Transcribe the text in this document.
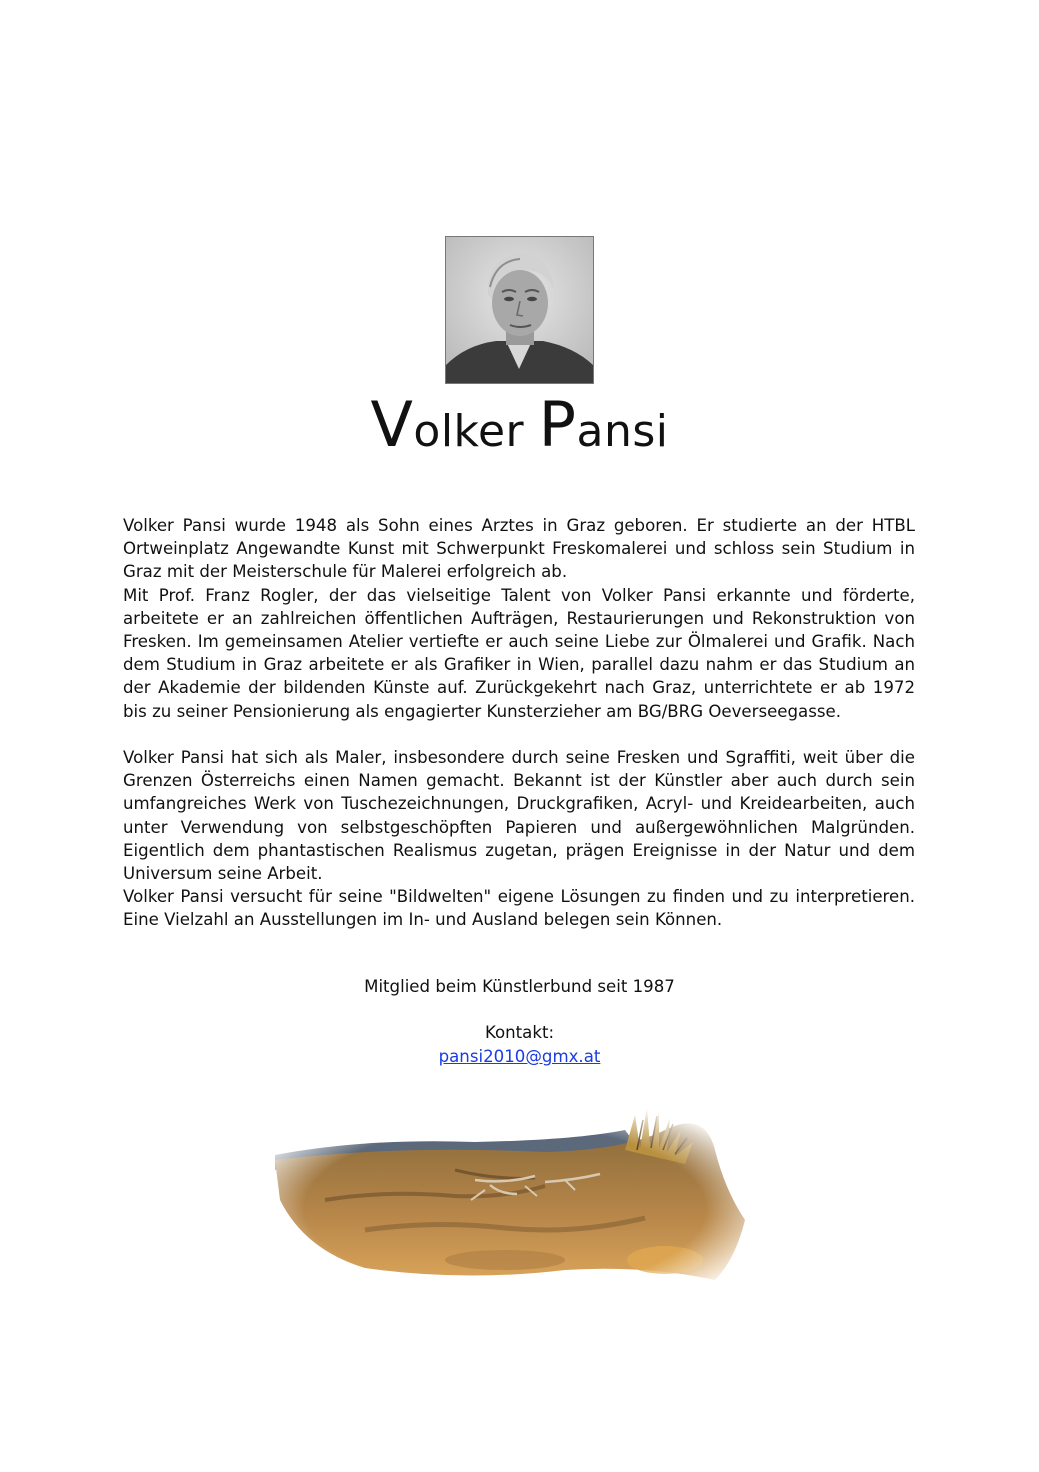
Volker Pansi

Volker Pansi wurde 1948 als Sohn eines Arztes in Graz geboren. Er studierte an der HTBL Ortweinplatz Angewandte Kunst mit Schwerpunkt Freskomalerei und schloss sein Studium in Graz mit der Meisterschule für Malerei erfolgreich ab.

Mit Prof. Franz Rogler, der das vielseitige Talent von Volker Pansi erkannte und förderte, arbeitete er an zahlreichen öffentlichen Aufträgen, Restaurierungen und Rekonstruktion von Fresken. Im gemeinsamen Atelier vertiefte er auch seine Liebe zur Ölmalerei und Grafik. Nach dem Studium in Graz arbeitete er als Grafiker in Wien, parallel dazu nahm er das Studium an der Akademie der bildenden Künste auf. Zurückgekehrt nach Graz, unterrichtete er ab 1972 bis zu seiner Pensionierung als engagierter Kunsterzieher am BG/BRG Oeverseegasse.

Volker Pansi hat sich als Maler, insbesondere durch seine Fresken und Sgraffiti, weit über die Grenzen Österreichs einen Namen gemacht. Bekannt ist der Künstler aber auch durch sein umfangreiches Werk von Tuschezeichnungen, Druckgrafiken, Acryl- und Kreidearbeiten, auch unter Verwendung von selbstgeschöpften Papieren und außergewöhnlichen Malgründen. Eigentlich dem phantastischen Realismus zugetan, prägen Ereignisse in der Natur und dem Universum seine Arbeit.

Volker Pansi versucht für seine "Bildwelten" eigene Lösungen zu finden und zu interpretieren. Eine Vielzahl an Ausstellungen im In- und Ausland belegen sein Können.

Mitglied beim Künstlerbund seit 1987
Kontakt:
pansi2010@gmx.at
